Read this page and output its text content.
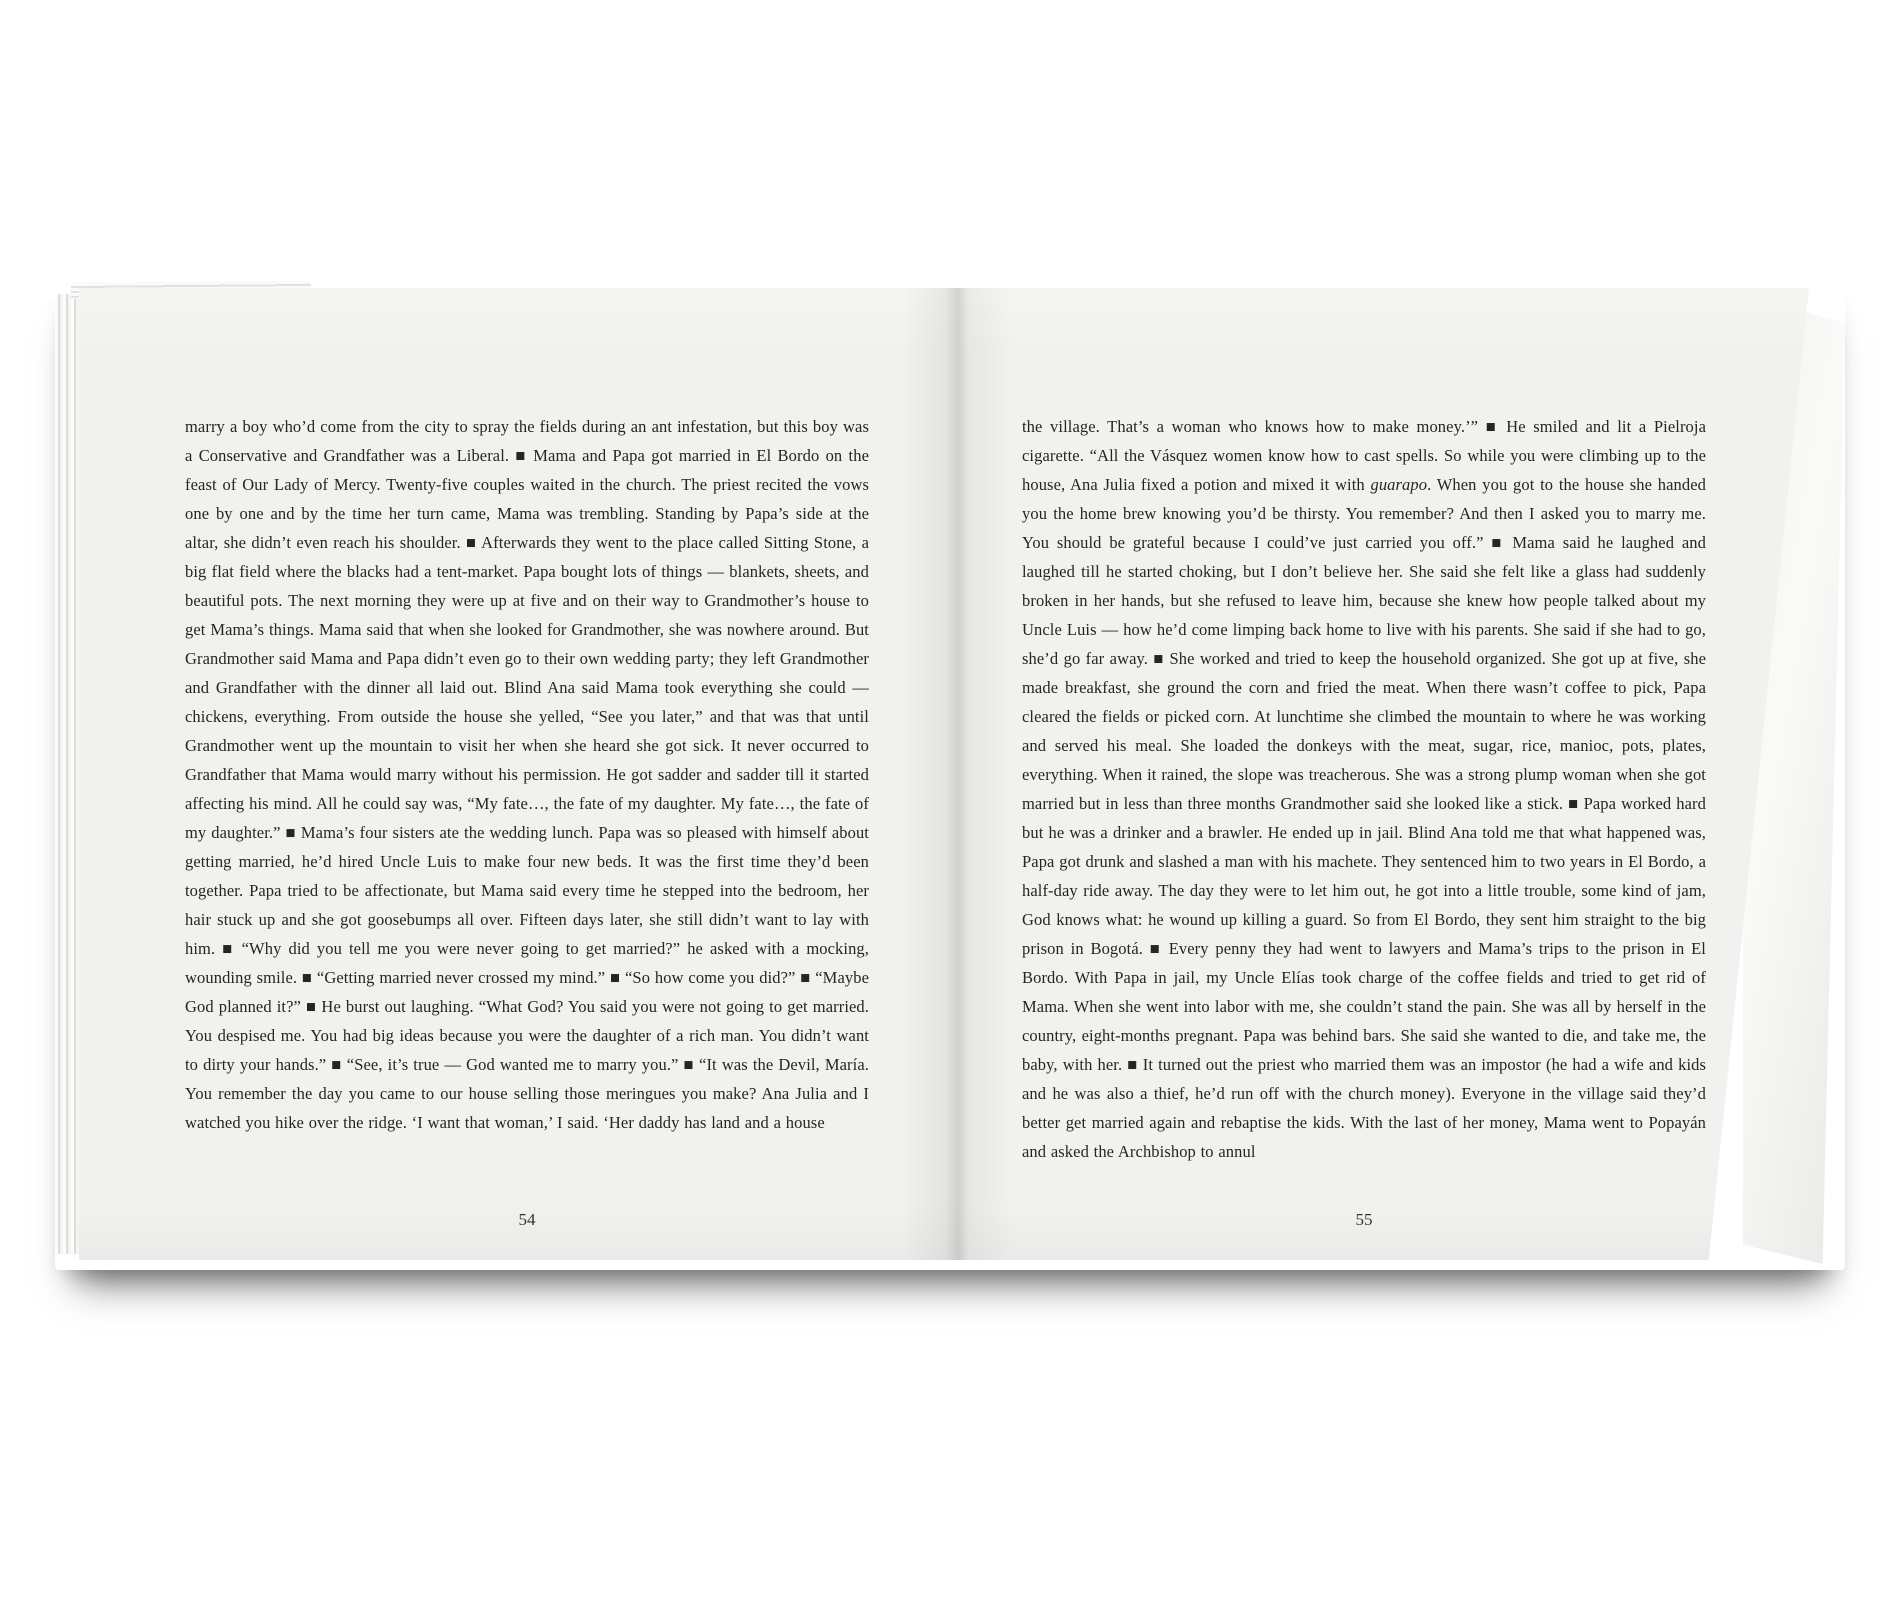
marry a boy who’d come from the city to spray the fields during an ant infestation, but this boy was a Conservative and Grandfather was a Liberal. ■ Mama and Papa got married in El Bordo on the feast of Our Lady of Mercy. Twenty-five couples waited in the church. The priest recited the vows one by one and by the time her turn came, Mama was trembling. Standing by Papa’s side at the altar, she didn’t even reach his shoulder. ■ Afterwards they went to the place called Sitting Stone, a big flat field where the blacks had a tent-market. Papa bought lots of things — blankets, sheets, and beautiful pots. The next morning they were up at five and on their way to Grandmother’s house to get Mama’s things. Mama said that when she looked for Grandmother, she was nowhere around. But Grandmother said Mama and Papa didn’t even go to their own wedding party; they left Grandmother and Grandfather with the dinner all laid out. Blind Ana said Mama took everything she could — chickens, everything. From outside the house she yelled, “See you later,” and that was that until Grandmother went up the mountain to visit her when she heard she got sick. It never occurred to Grandfather that Mama would marry without his permission. He got sadder and sadder till it started affecting his mind. All he could say was, “My fate…, the fate of my daughter. My fate…, the fate of my daughter.” ■ Mama’s four sisters ate the wedding lunch. Papa was so pleased with himself about getting married, he’d hired Uncle Luis to make four new beds. It was the first time they’d been together. Papa tried to be affectionate, but Mama said every time he stepped into the bedroom, her hair stuck up and she got goosebumps all over. Fifteen days later, she still didn’t want to lay with him. ■ “Why did you tell me you were never going to get married?” he asked with a mocking, wounding smile. ■ “Getting married never crossed my mind.” ■ “So how come you did?” ■ “Maybe God planned it?” ■ He burst out laughing. “What God? You said you were not going to get married. You despised me. You had big ideas because you were the daughter of a rich man. You didn’t want to dirty your hands.” ■ “See, it’s true — God wanted me to marry you.” ■ “It was the Devil, María. You remember the day you came to our house selling those meringues you make? Ana Julia and I watched you hike over the ridge. ‘I want that woman,’ I said. ‘Her daddy has land and a house
the village. That’s a woman who knows how to make money.’” ■ He smiled and lit a Pielroja cigarette. “All the Vásquez women know how to cast spells. So while you were climbing up to the house, Ana Julia fixed a potion and mixed it with guarapo. When you got to the house she handed you the home brew knowing you’d be thirsty. You remember? And then I asked you to marry me. You should be grateful because I could’ve just carried you off.” ■ Mama said he laughed and laughed till he started choking, but I don’t believe her. She said she felt like a glass had suddenly broken in her hands, but she refused to leave him, because she knew how people talked about my Uncle Luis — how he’d come limping back home to live with his parents. She said if she had to go, she’d go far away. ■ She worked and tried to keep the household organized. She got up at five, she made breakfast, she ground the corn and fried the meat. When there wasn’t coffee to pick, Papa cleared the fields or picked corn. At lunchtime she climbed the mountain to where he was working and served his meal. She loaded the donkeys with the meat, sugar, rice, manioc, pots, plates, everything. When it rained, the slope was treacherous. She was a strong plump woman when she got married but in less than three months Grandmother said she looked like a stick. ■ Papa worked hard but he was a drinker and a brawler. He ended up in jail. Blind Ana told me that what happened was, Papa got drunk and slashed a man with his machete. They sentenced him to two years in El Bordo, a half-day ride away. The day they were to let him out, he got into a little trouble, some kind of jam, God knows what: he wound up killing a guard. So from El Bordo, they sent him straight to the big prison in Bogotá. ■ Every penny they had went to lawyers and Mama’s trips to the prison in El Bordo. With Papa in jail, my Uncle Elías took charge of the coffee fields and tried to get rid of Mama. When she went into labor with me, she couldn’t stand the pain. She was all by herself in the country, eight-months pregnant. Papa was behind bars. She said she wanted to die, and take me, the baby, with her. ■ It turned out the priest who married them was an impostor (he had a wife and kids and he was also a thief, he’d run off with the church money). Everyone in the village said they’d better get married again and rebaptise the kids. With the last of her money, Mama went to Popayán and asked the Archbishop to annul
54	55
